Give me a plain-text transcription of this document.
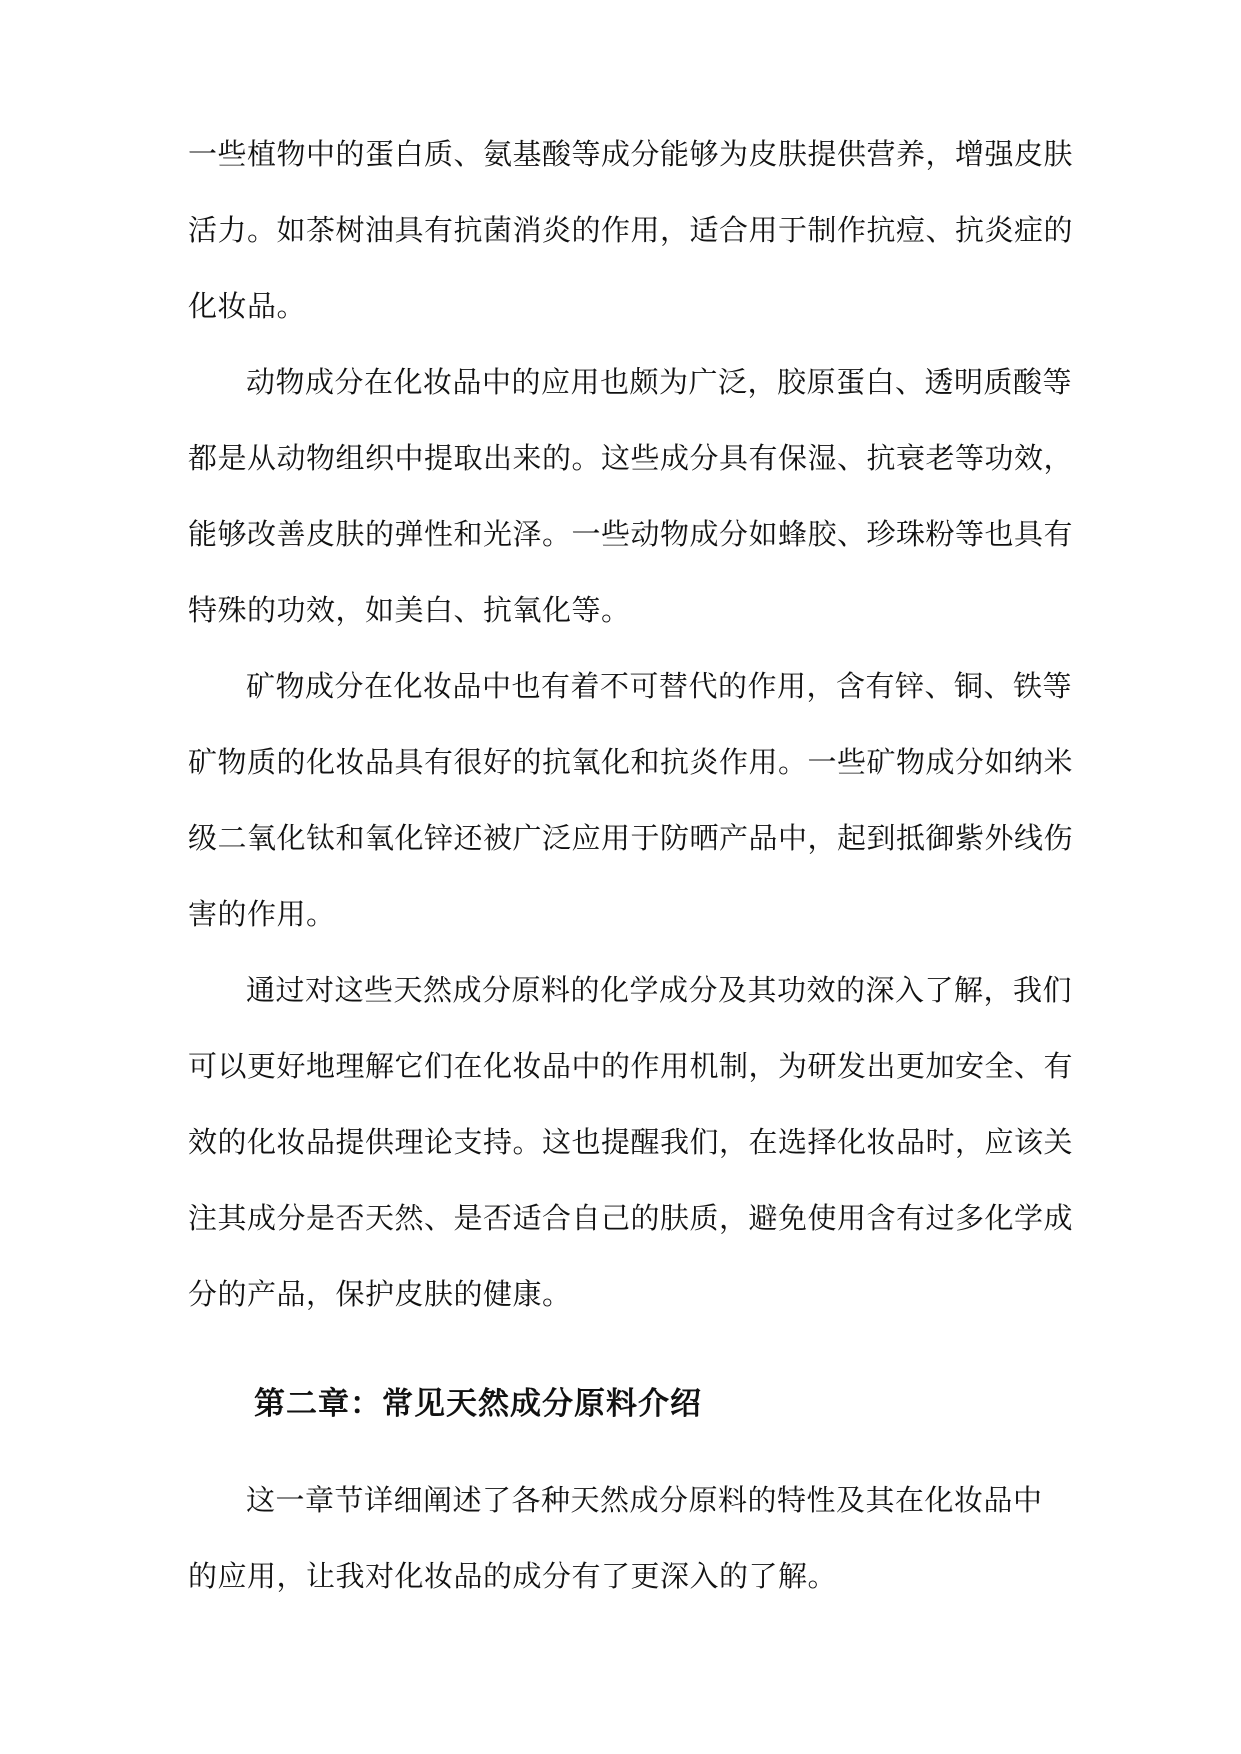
一些植物中的蛋白质、氨基酸等成分能够为皮肤提供营养，增强皮肤
活力。如茶树油具有抗菌消炎的作用，适合用于制作抗痘、抗炎症的
化妆品。
动物成分在化妆品中的应用也颇为广泛，胶原蛋白、透明质酸等
都是从动物组织中提取出来的。这些成分具有保湿、抗衰老等功效，
能够改善皮肤的弹性和光泽。一些动物成分如蜂胶、珍珠粉等也具有
特殊的功效，如美白、抗氧化等。
矿物成分在化妆品中也有着不可替代的作用，含有锌、铜、铁等
矿物质的化妆品具有很好的抗氧化和抗炎作用。一些矿物成分如纳米
级二氧化钛和氧化锌还被广泛应用于防晒产品中，起到抵御紫外线伤
害的作用。
通过对这些天然成分原料的化学成分及其功效的深入了解，我们
可以更好地理解它们在化妆品中的作用机制，为研发出更加安全、有
效的化妆品提供理论支持。这也提醒我们，在选择化妆品时，应该关
注其成分是否天然、是否适合自己的肤质，避免使用含有过多化学成
分的产品，保护皮肤的健康。
第二章：常见天然成分原料介绍
这一章节详细阐述了各种天然成分原料的特性及其在化妆品中
的应用，让我对化妆品的成分有了更深入的了解。
